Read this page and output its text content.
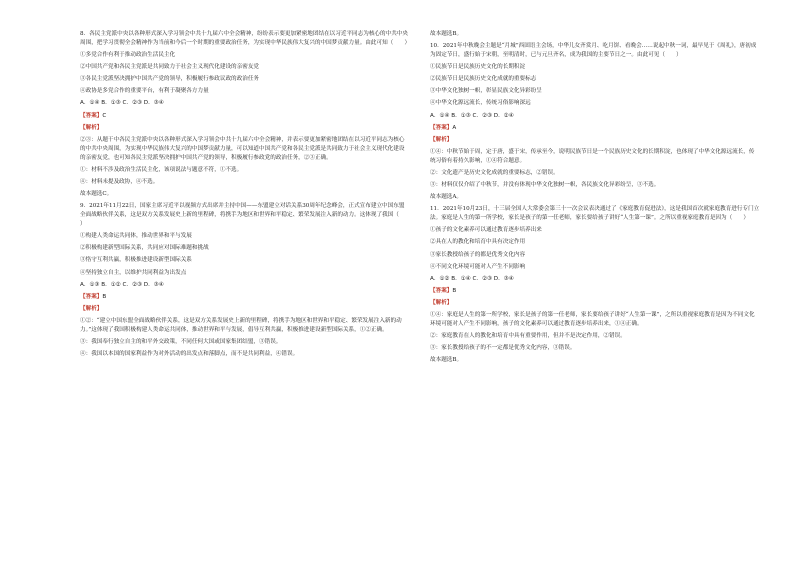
8．各民主党派中央以各种形式深入学习领会中共十九届六中全会精神，纷纷表示要更加紧密地团结在以习近平同志为核心的中共中央周围，把学习贯彻全会精神作为当前和今后一个时期的重要政治任务，为实现中华民族伟大复兴的中国梦贡献力量。由此可知（　　）

①多党合作有利于推动政治生活民主化

②中国共产党和各民主党派是共同致力于社会主义现代化建设的亲密友党

③各民主党派坚决拥护中国共产党的领导，积极履行参政议政的政治任务

④政协是多党合作的重要平台，有利于凝聚各方力量

A．①④ B．①③ C．②③ D．③④

【答案】C

【解析】

②③：从题干中各民主党派中央以各种形式深入学习领会中共十九届六中全会精神，并表示要更加紧密地团结在以习近平同志为核心的中共中央周围，为实现中华民族伟大复兴的中国梦贡献力量，可以知道中国共产党和各民主党派是共同致力于社会主义现代化建设的亲密友党，也可知各民主党派坚决拥护中国共产党的领导，积极履行参政党的政治任务，②③正确。

①：材料不涉及政治生活民主化，该项说法与题意不符，①不选。

④：材料未提及政协，④不选。

故本题选C。

9．2021年11月22日，国家主席习近平以视频方式出席并主持中国——东盟建立对话关系30周年纪念峰会，正式宣布建立中国东盟全面战略伙伴关系，这是双方关系发展史上新的里程碑，将携手为地区和世界和平稳定、繁荣发展注入新的动力。这体现了我国（　　）

①构建人类命运共同体，推动世界和平与发展

②积极构建新型国际关系，共同应对国际难题和挑战

③恪守互利共赢，积极推进建设新型国际关系

④坚持独立自主，以维护共同利益为出发点

A．①③ B．①② C．②③ D．③④

【答案】B

【解析】

①②：“建立中国东盟全面战略伙伴关系，这是双方关系发展史上新的里程碑，将携手为地区和世界和平稳定、繁荣发展注入新的动力。”这体现了我国积极构建人类命运共同体，推动世界和平与发展，倡导互利共赢，积极推进建设新型国际关系，①②正确。

③：我国奉行独立自主的和平外交政策，不同任何大国或国家集团结盟，③错误。

④：我国以本国的国家利益作为对外活动的出发点和落脚点，而不是共同利益，④错误。

故本题选B。

10．2021年中秋晚会主题是“月城”西固语主会场，中华儿女齐赏月、吃月饼、看晚会……说起中秋一词，最早见于《周礼》，唐初成为固定节日，盛行始于宋朝，至明清时，已与元旦齐名，成为我国的主要节日之一。由此可见（　　）

①民族节日是民族历史文化的长期积淀

②民族节日是民族历史文化成就的重要标志

③中华文化独树一帜，彰显民族文化异彩纷呈

④中华文化源远流长，传统习俗影响深远

A．①④ B．①③ C．②③ D．②④

【答案】A

【解析】

①④：中秋节始于周，定于唐，盛于宋，传承至今，说明民族节日是一个民族历史文化的长期积淀，也体现了中华文化源远流长，传统习俗有着持久影响，①④符合题意。

②：文化遗产是历史文化成就的重要标志，②错误。

③：材料仅仅介绍了中秋节，并没有体现中华文化独树一帜，各民族文化异彩纷呈，③不选。

故本题选A。

11．2021年10月23日，十三届全国人大常委会第三十一次会议表决通过了《家庭教育促进法》，这是我国首次就家庭教育进行专门立法。家庭是人生的第一所学校，家长是孩子的第一任老师，家长要给孩子讲好“人生第一课”。之所以重视家庭教育是因为（　　）

①孩子的文化素养可以通过教育逐步培养出来

②具在人的教化和培育中具有决定作用

③家长教授给孩子的都是优秀文化内容

④不同文化环境可能对人产生不同影响

A．①② B．①④ C．②③ D．③④

【答案】B

【解析】

①④：家庭是人生的第一所学校，家长是孩子的第一任老师，家长要给孩子讲好“人生第一课”，之所以重视家庭教育是因为不同文化环境可能对人产生不同影响，孩子的文化素养可以通过教育逐步培养出来，①④正确。

②：家庭教育在人的教化和培育中具有重要作用，但并不是决定作用，②错误。

③：家长教授给孩子的不一定都是优秀文化内容，③错误。

故本题选B。
